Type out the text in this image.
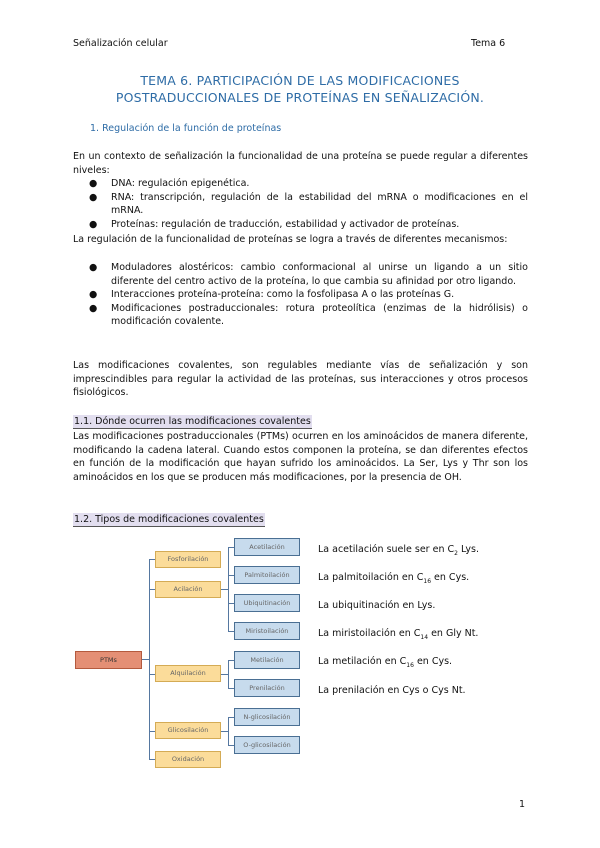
Señalización celular	Tema 6
TEMA 6. PARTICIPACIÓN DE LAS MODIFICACIONES
POSTRADUCCIONALES DE PROTEÍNAS EN SEÑALIZACIÓN.
1. Regulación de la función de proteínas
En un contexto de señalización la funcionalidad de una proteína se puede regular a diferentes niveles:
● DNA: regulación epigenética.
● RNA: transcripción, regulación de la estabilidad del mRNA o modificaciones en el mRNA.
● Proteínas: regulación de traducción, estabilidad y activador de proteínas.
La regulación de la funcionalidad de proteínas se logra a través de diferentes mecanismos:
● Moduladores alostéricos: cambio conformacional al unirse un ligando a un sitio diferente del centro activo de la proteína, lo que cambia su afinidad por otro ligando.
● Interacciones proteína-proteína: como la fosfolipasa A o las proteínas G.
● Modificaciones postraduccionales: rotura proteolítica (enzimas de la hidrólisis) o modificación covalente.
Las modificaciones covalentes, son regulables mediante vías de señalización y son imprescindibles para regular la actividad de las proteínas, sus interacciones y otros procesos fisiológicos.
1.1. Dónde ocurren las modificaciones covalentes
Las modificaciones postraduccionales (PTMs) ocurren en los aminoácidos de manera diferente, modificando la cadena lateral. Cuando estos componen la proteína, se dan diferentes efectos en función de la modificación que hayan sufrido los aminoácidos. La Ser, Lys y Thr son los aminoácidos en los que se producen más modificaciones, por la presencia de OH.
1.2. Tipos de modificaciones covalentes
PTMs
Fosforilación
Acilación
Alquilación
Glicosilación
Oxidación
Acetilación
Palmitoilación
Ubiquitinación
Miristoilación
Metilación
Prenilación
N-glicosilación
O-glicosilación
La acetilación suele ser en $C_2$ Lys.
La palmitoilación en $C_{16}$ en Cys.
La ubiquitinación en Lys.
La miristoilación en $C_{14}$ en Gly Nt.
La metilación en $C_{16}$ en Cys.
La prenilación en Cys o Cys Nt.
1
